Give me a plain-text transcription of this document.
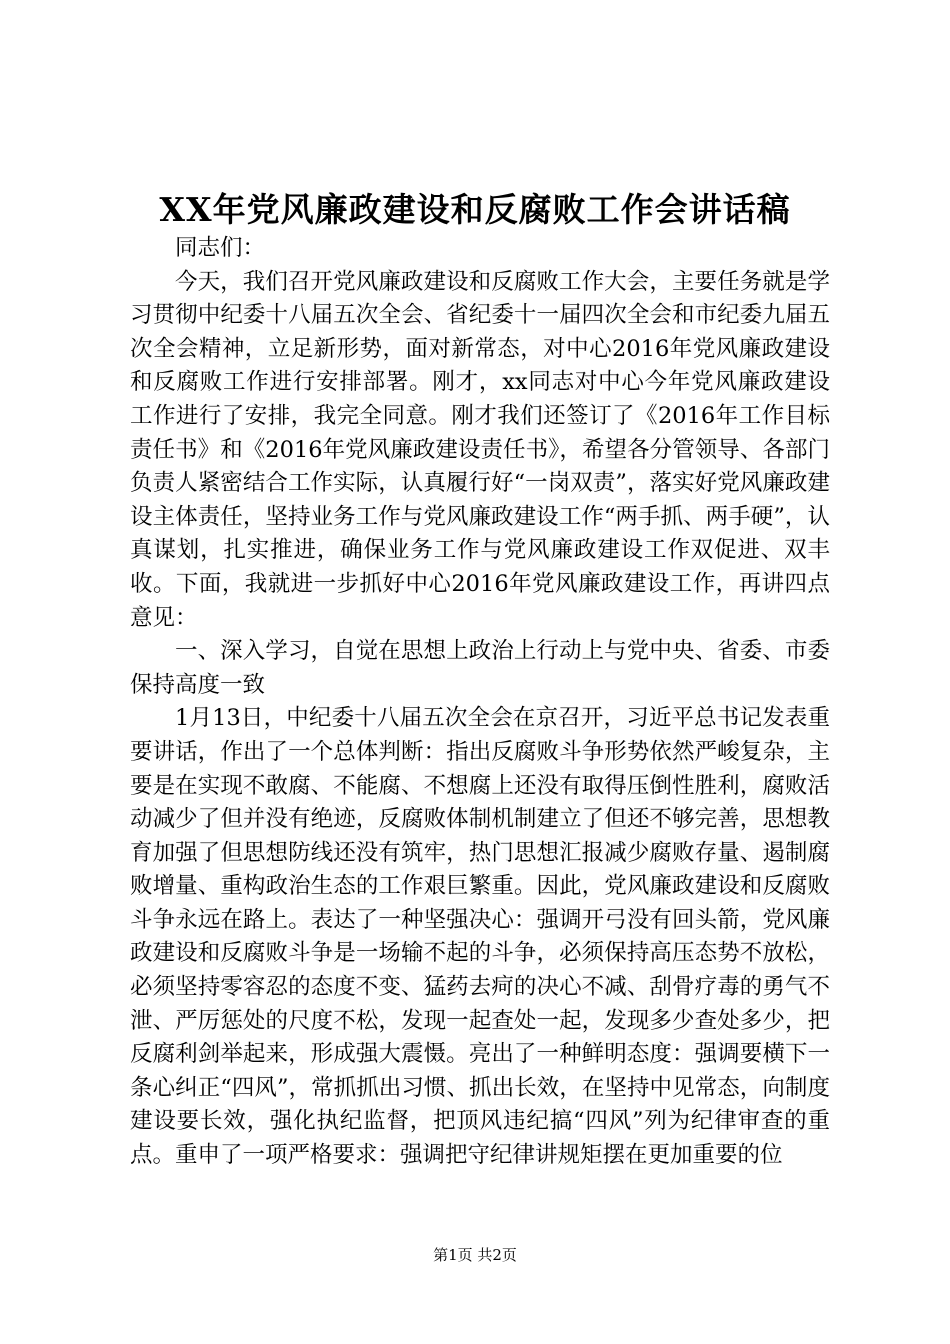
XX年党风廉政建设和反腐败工作会讲话稿

同志们：

今天，我们召开党风廉政建设和反腐败工作大会，主要任务就是学习贯彻中纪委十八届五次全会、省纪委十一届四次全会和市纪委九届五次全会精神，立足新形势，面对新常态，对中心2016年党风廉政建设和反腐败工作进行安排部署。刚才，xx同志对中心今年党风廉政建设工作进行了安排，我完全同意。刚才我们还签订了《2016年工作目标责任书》和《2016年党风廉政建设责任书》，希望各分管领导、各部门负责人紧密结合工作实际，认真履行好“一岗双责”，落实好党风廉政建设主体责任，坚持业务工作与党风廉政建设工作“两手抓、两手硬”，认真谋划，扎实推进，确保业务工作与党风廉政建设工作双促进、双丰收。下面，我就进一步抓好中心2016年党风廉政建设工作，再讲四点意见：

一、深入学习，自觉在思想上政治上行动上与党中央、省委、市委保持高度一致

1月13日，中纪委十八届五次全会在京召开，习近平总书记发表重要讲话，作出了一个总体判断：指出反腐败斗争形势依然严峻复杂，主要是在实现不敢腐、不能腐、不想腐上还没有取得压倒性胜利，腐败活动减少了但并没有绝迹，反腐败体制机制建立了但还不够完善，思想教育加强了但思想防线还没有筑牢，热门思想汇报减少腐败存量、遏制腐败增量、重构政治生态的工作艰巨繁重。因此，党风廉政建设和反腐败斗争永远在路上。表达了一种坚强决心：强调开弓没有回头箭，党风廉政建设和反腐败斗争是一场输不起的斗争，必须保持高压态势不放松，必须坚持零容忍的态度不变、猛药去疴的决心不减、刮骨疗毒的勇气不泄、严厉惩处的尺度不松，发现一起查处一起，发现多少查处多少，把反腐利剑举起来，形成强大震慑。亮出了一种鲜明态度：强调要横下一条心纠正“四风”，常抓抓出习惯、抓出长效，在坚持中见常态，向制度建设要长效，强化执纪监督，把顶风违纪搞“四风”列为纪律审查的重点。重申了一项严格要求：强调把守纪律讲规矩摆在更加重要的位

第1页 共2页
